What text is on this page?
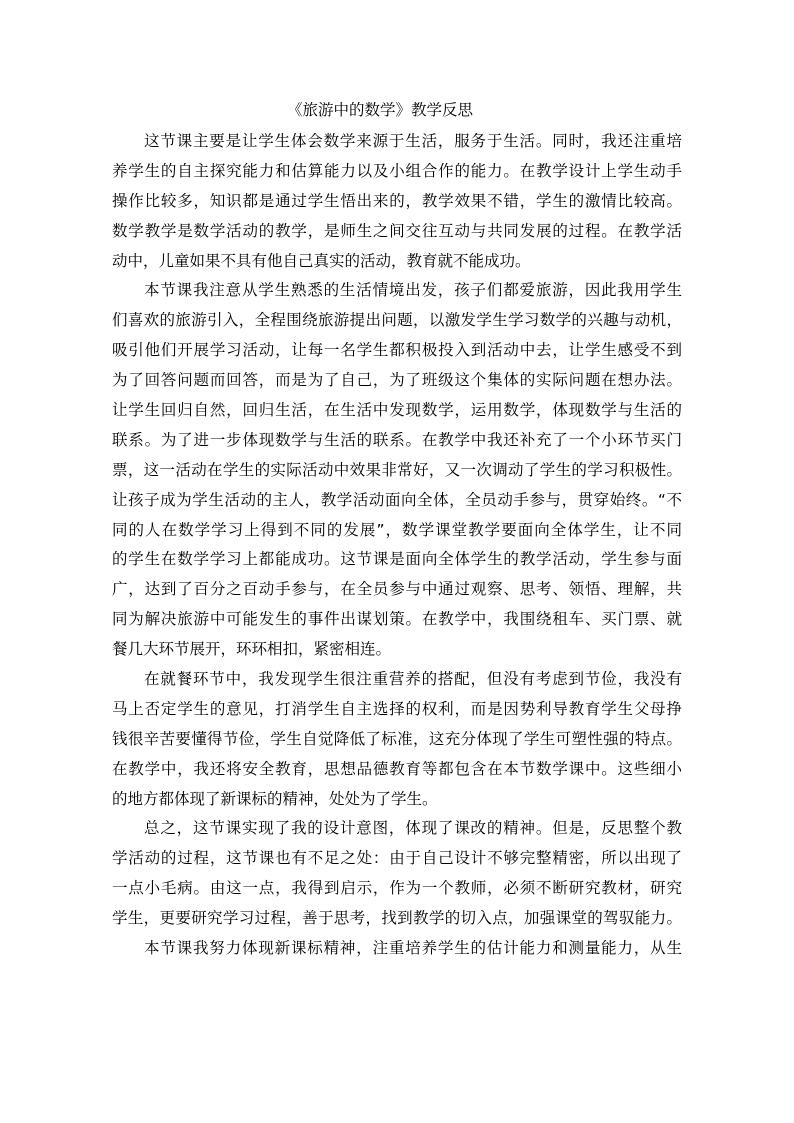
《旅游中的数学》教学反思
这节课主要是让学生体会数学来源于生活，服务于生活。同时，我还注重培
养学生的自主探究能力和估算能力以及小组合作的能力。在教学设计上学生动手
操作比较多，知识都是通过学生悟出来的，教学效果不错，学生的激情比较高。
数学教学是数学活动的教学，是师生之间交往互动与共同发展的过程。在教学活
动中，儿童如果不具有他自己真实的活动，教育就不能成功。
本节课我注意从学生熟悉的生活情境出发，孩子们都爱旅游，因此我用学生
们喜欢的旅游引入，全程围绕旅游提出问题，以激发学生学习数学的兴趣与动机，
吸引他们开展学习活动，让每一名学生都积极投入到活动中去，让学生感受不到
为了回答问题而回答，而是为了自己，为了班级这个集体的实际问题在想办法。
让学生回归自然，回归生活，在生活中发现数学，运用数学，体现数学与生活的
联系。为了进一步体现数学与生活的联系。在教学中我还补充了一个小环节买门
票，这一活动在学生的实际活动中效果非常好，又一次调动了学生的学习积极性。
让孩子成为学生活动的主人，教学活动面向全体，全员动手参与，贯穿始终。“不
同的人在数学学习上得到不同的发展”，数学课堂教学要面向全体学生，让不同
的学生在数学学习上都能成功。这节课是面向全体学生的教学活动，学生参与面
广，达到了百分之百动手参与，在全员参与中通过观察、思考、领悟、理解，共
同为解决旅游中可能发生的事件出谋划策。在教学中，我围绕租车、买门票、就
餐几大环节展开，环环相扣，紧密相连。
在就餐环节中，我发现学生很注重营养的搭配，但没有考虑到节俭，我没有
马上否定学生的意见，打消学生自主选择的权利，而是因势利导教育学生父母挣
钱很辛苦要懂得节俭，学生自觉降低了标准，这充分体现了学生可塑性强的特点。
在教学中，我还将安全教育，思想品德教育等都包含在本节数学课中。这些细小
的地方都体现了新课标的精神，处处为了学生。
总之，这节课实现了我的设计意图，体现了课改的精神。但是，反思整个教
学活动的过程，这节课也有不足之处：由于自己设计不够完整精密，所以出现了
一点小毛病。由这一点，我得到启示，作为一个教师，必须不断研究教材，研究
学生，更要研究学习过程，善于思考，找到教学的切入点，加强课堂的驾驭能力。
本节课我努力体现新课标精神，注重培养学生的估计能力和测量能力，从生
